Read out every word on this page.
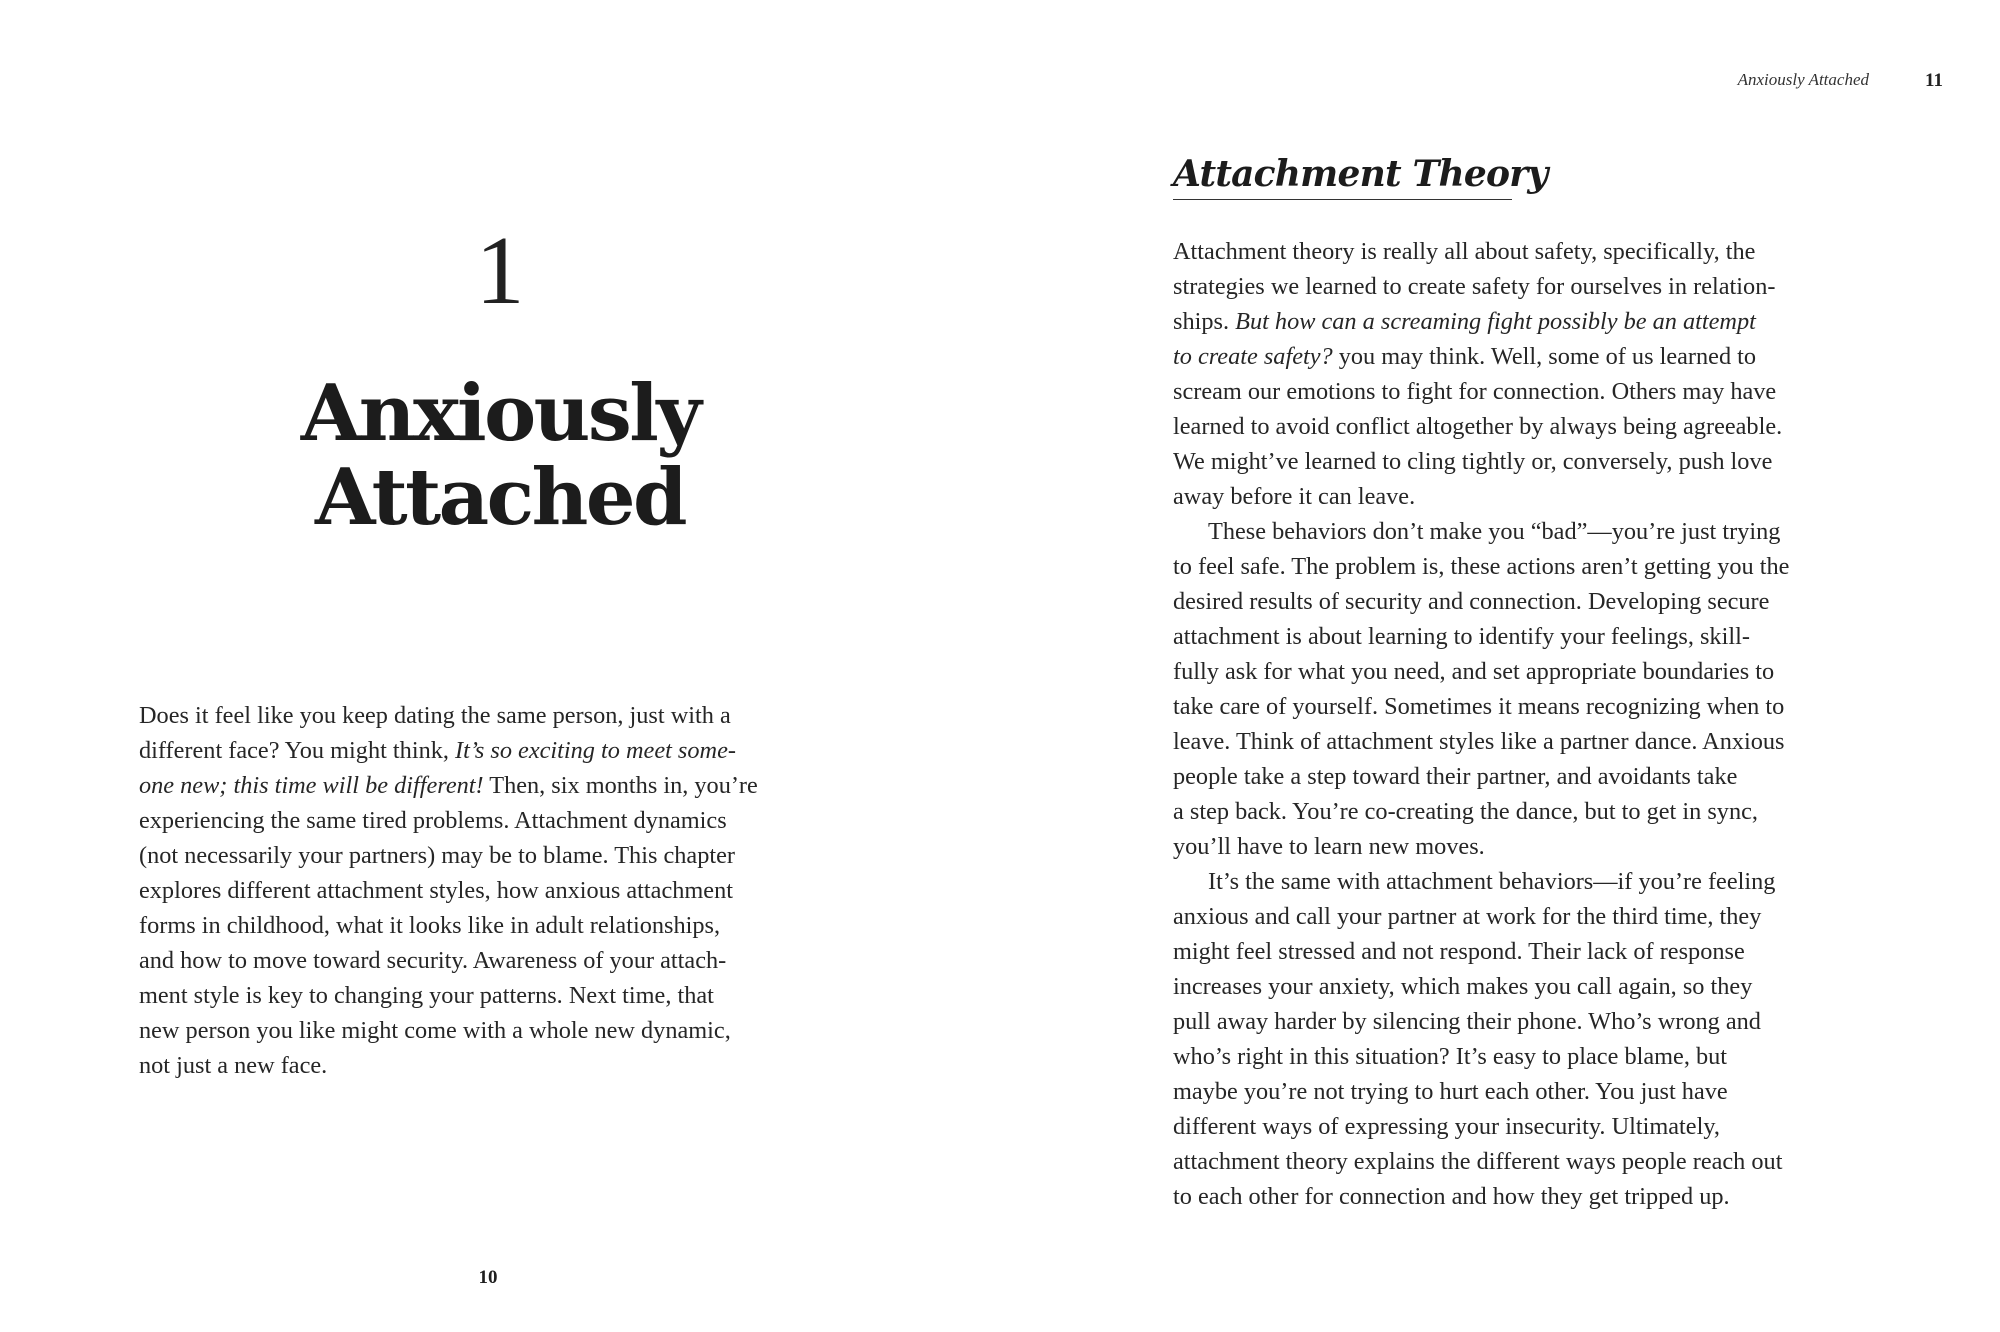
1
Anxiously
Attached

Does it feel like you keep dating the same person, just with a
different face? You might think, It’s so exciting to meet some-
one new; this time will be different! Then, six months in, you’re
experiencing the same tired problems. Attachment dynamics
(not necessarily your partners) may be to blame. This chapter
explores different attachment styles, how anxious attachment
forms in childhood, what it looks like in adult relationships,
and how to move toward security. Awareness of your attach-
ment style is key to changing your patterns. Next time, that
new person you like might come with a whole new dynamic,
not just a new face.

10
Anxiously Attached	11
Attachment Theory
Attachment theory is really all about safety, specifically, the
strategies we learned to create safety for ourselves in relation-
ships. But how can a screaming fight possibly be an attempt
to create safety? you may think. Well, some of us learned to
scream our emotions to fight for connection. Others may have
learned to avoid conflict altogether by always being agreeable.
We might’ve learned to cling tightly or, conversely, push love
away before it can leave.
These behaviors don’t make you “bad”—you’re just trying
to feel safe. The problem is, these actions aren’t getting you the
desired results of security and connection. Developing secure
attachment is about learning to identify your feelings, skill-
fully ask for what you need, and set appropriate boundaries to
take care of yourself. Sometimes it means recognizing when to
leave. Think of attachment styles like a partner dance. Anxious
people take a step toward their partner, and avoidants take
a step back. You’re co-creating the dance, but to get in sync,
you’ll have to learn new moves.
It’s the same with attachment behaviors—if you’re feeling
anxious and call your partner at work for the third time, they
might feel stressed and not respond. Their lack of response
increases your anxiety, which makes you call again, so they
pull away harder by silencing their phone. Who’s wrong and
who’s right in this situation? It’s easy to place blame, but
maybe you’re not trying to hurt each other. You just have
different ways of expressing your insecurity. Ultimately,
attachment theory explains the different ways people reach out
to each other for connection and how they get tripped up.
